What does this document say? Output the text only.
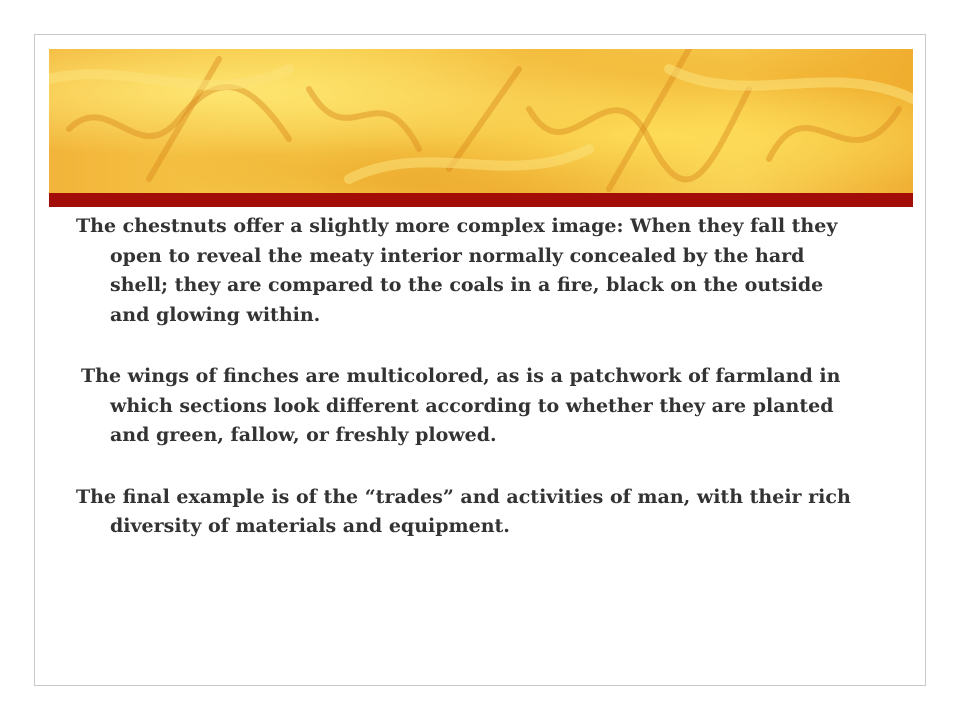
The chestnuts offer a slightly more complex image: When they fall they open to reveal the meaty interior normally concealed by the hard shell; they are compared to the coals in a fire, black on the outside and glowing within.

The wings of finches are multicolored, as is a patchwork of farmland in which sections look different according to whether they are planted and green, fallow, or freshly plowed.

The final example is of the “trades” and activities of man, with their rich diversity of materials and equipment.
